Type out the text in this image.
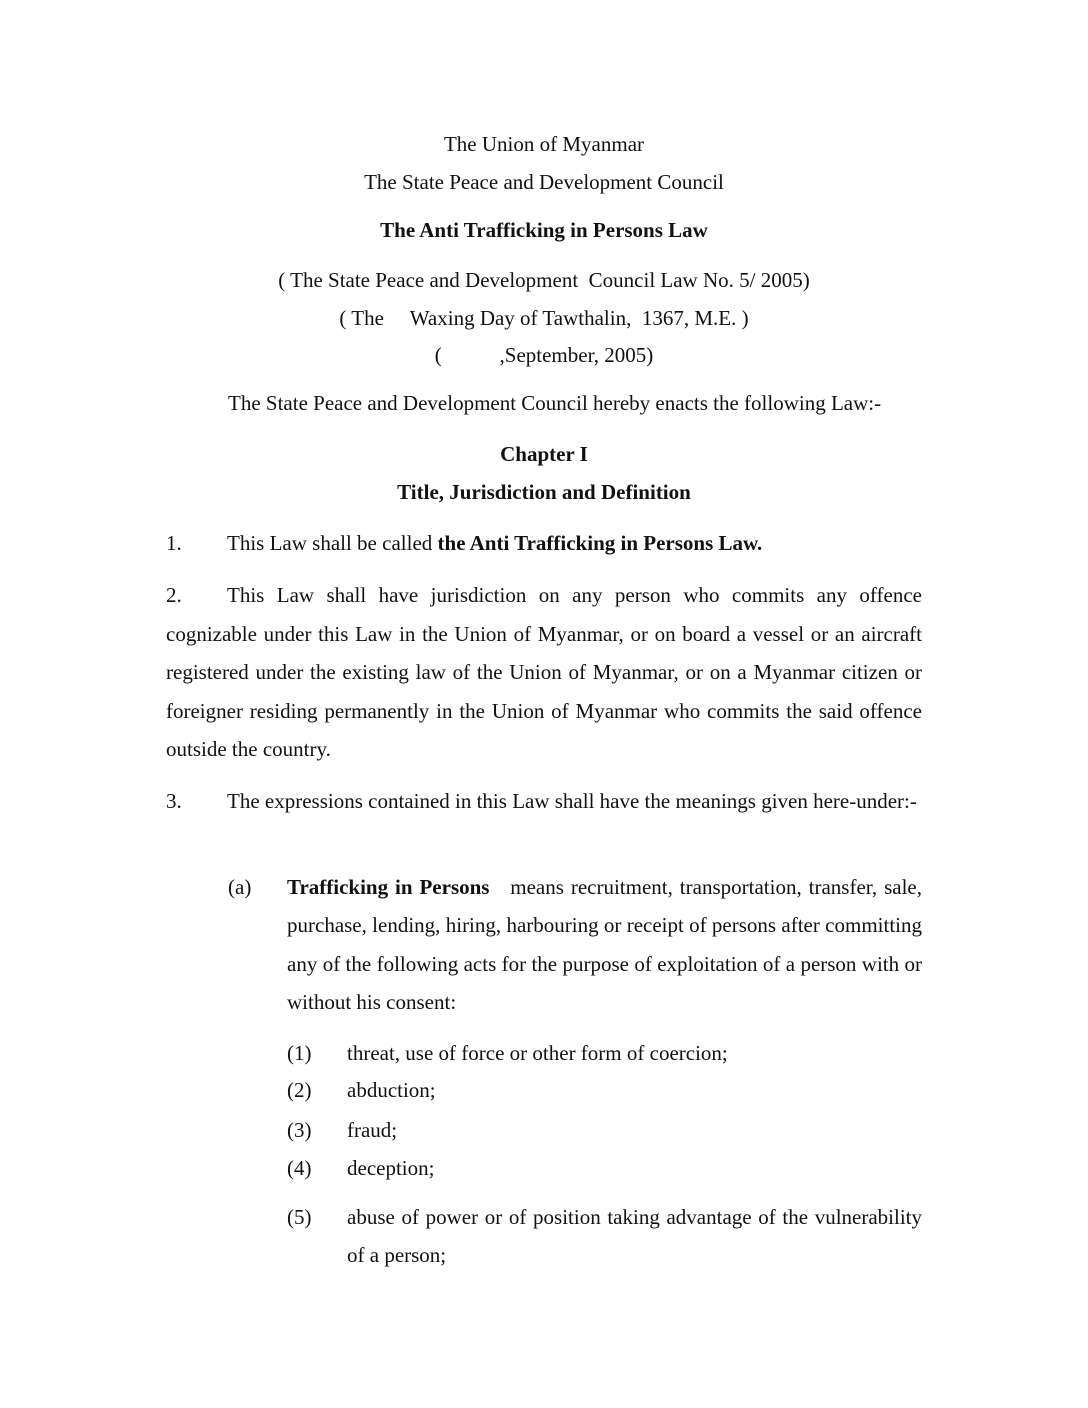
The Union of Myanmar

The State Peace and Development Council

The Anti Trafficking in Persons Law

( The State Peace and Development  Council Law No. 5/ 2005)

( The     Waxing Day of Tawthalin,  1367, M.E. )

(           ,September, 2005)

The State Peace and Development Council hereby enacts the following Law:-

Chapter I

Title, Jurisdiction and Definition

1. This Law shall be called the Anti Trafficking in Persons Law.

2. This Law shall have jurisdiction on any person who commits any offence cognizable under this Law in the Union of Myanmar, or on board a vessel or an aircraft registered under the existing law of the Union of Myanmar, or on a Myanmar citizen or foreigner residing permanently in the Union of Myanmar who commits the said offence outside the country.

3. The expressions contained in this Law shall have the meanings given here-under:-

(a) Trafficking in Persons means recruitment, transportation, transfer, sale, purchase, lending, hiring, harbouring or receipt of persons after committing any of the following acts for the purpose of exploitation of a person with or without his consent:

(1) threat, use of force or other form of coercion;

(2) abduction;

(3) fraud;

(4) deception;

(5) abuse of power or of position taking advantage of the vulnerability of a person;
